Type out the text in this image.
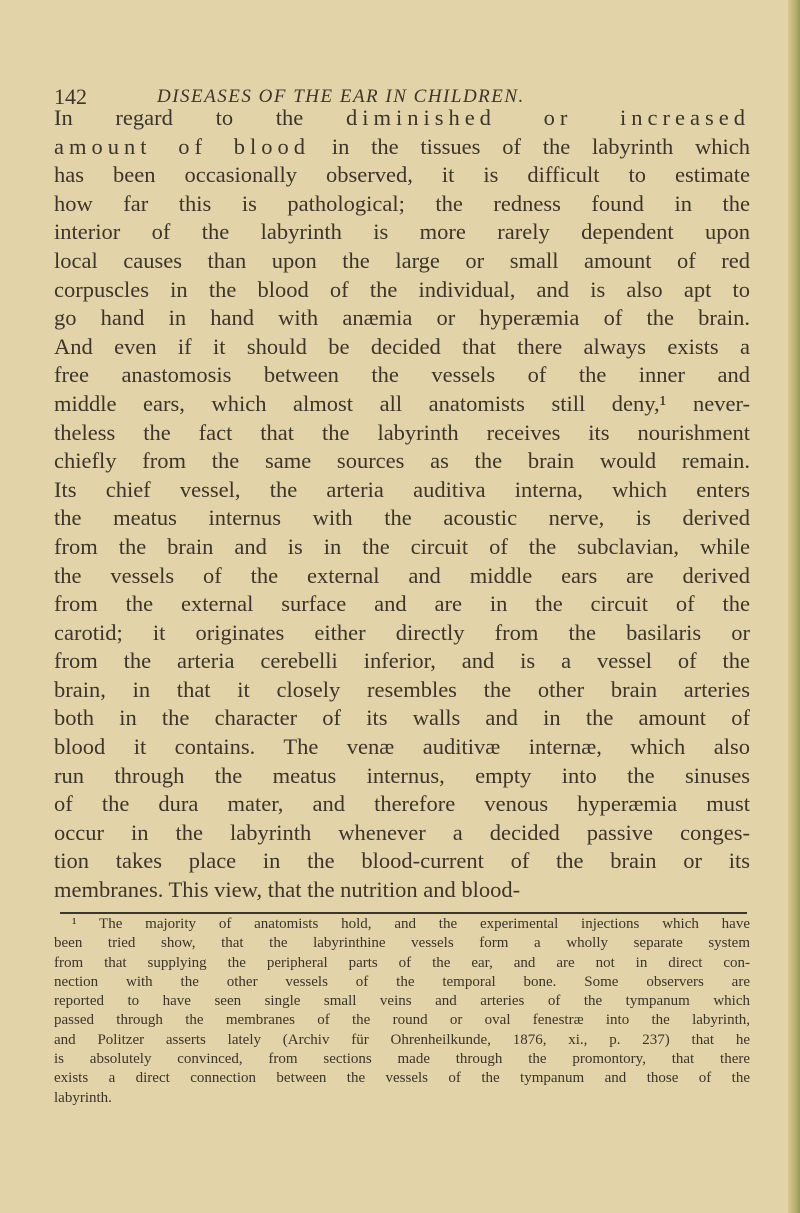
142	DISEASES OF THE EAR IN CHILDREN.
In regard to the diminished or increased
amount of blood in the tissues of the labyrinth which
has been occasionally observed, it is difficult to estimate
how far this is pathological; the redness found in the
interior of the labyrinth is more rarely dependent upon
local causes than upon the large or small amount of red
corpuscles in the blood of the individual, and is also apt to
go hand in hand with anæmia or hyperæmia of the brain.
And even if it should be decided that there always exists a
free anastomosis between the vessels of the inner and
middle ears, which almost all anatomists still deny,¹ never-
theless the fact that the labyrinth receives its nourishment
chiefly from the same sources as the brain would remain.
Its chief vessel, the arteria auditiva interna, which enters
the meatus internus with the acoustic nerve, is derived
from the brain and is in the circuit of the subclavian, while
the vessels of the external and middle ears are derived
from the external surface and are in the circuit of the
carotid; it originates either directly from the basilaris or
from the arteria cerebelli inferior, and is a vessel of the
brain, in that it closely resembles the other brain arteries
both in the character of its walls and in the amount of
blood it contains. The venæ auditivæ internæ, which also
run through the meatus internus, empty into the sinuses
of the dura mater, and therefore venous hyperæmia must
occur in the labyrinth whenever a decided passive conges-
tion takes place in the blood-current of the brain or its
membranes. This view, that the nutrition and blood-
¹ The majority of anatomists hold, and the experimental injections which have
been tried show, that the labyrinthine vessels form a wholly separate system
from that supplying the peripheral parts of the ear, and are not in direct con-
nection with the other vessels of the temporal bone. Some observers are
reported to have seen single small veins and arteries of the tympanum which
passed through the membranes of the round or oval fenestræ into the labyrinth,
and Politzer asserts lately (Archiv für Ohrenheilkunde, 1876, xi., p. 237) that he
is absolutely convinced, from sections made through the promontory, that there
exists a direct connection between the vessels of the tympanum and those of the
labyrinth.
